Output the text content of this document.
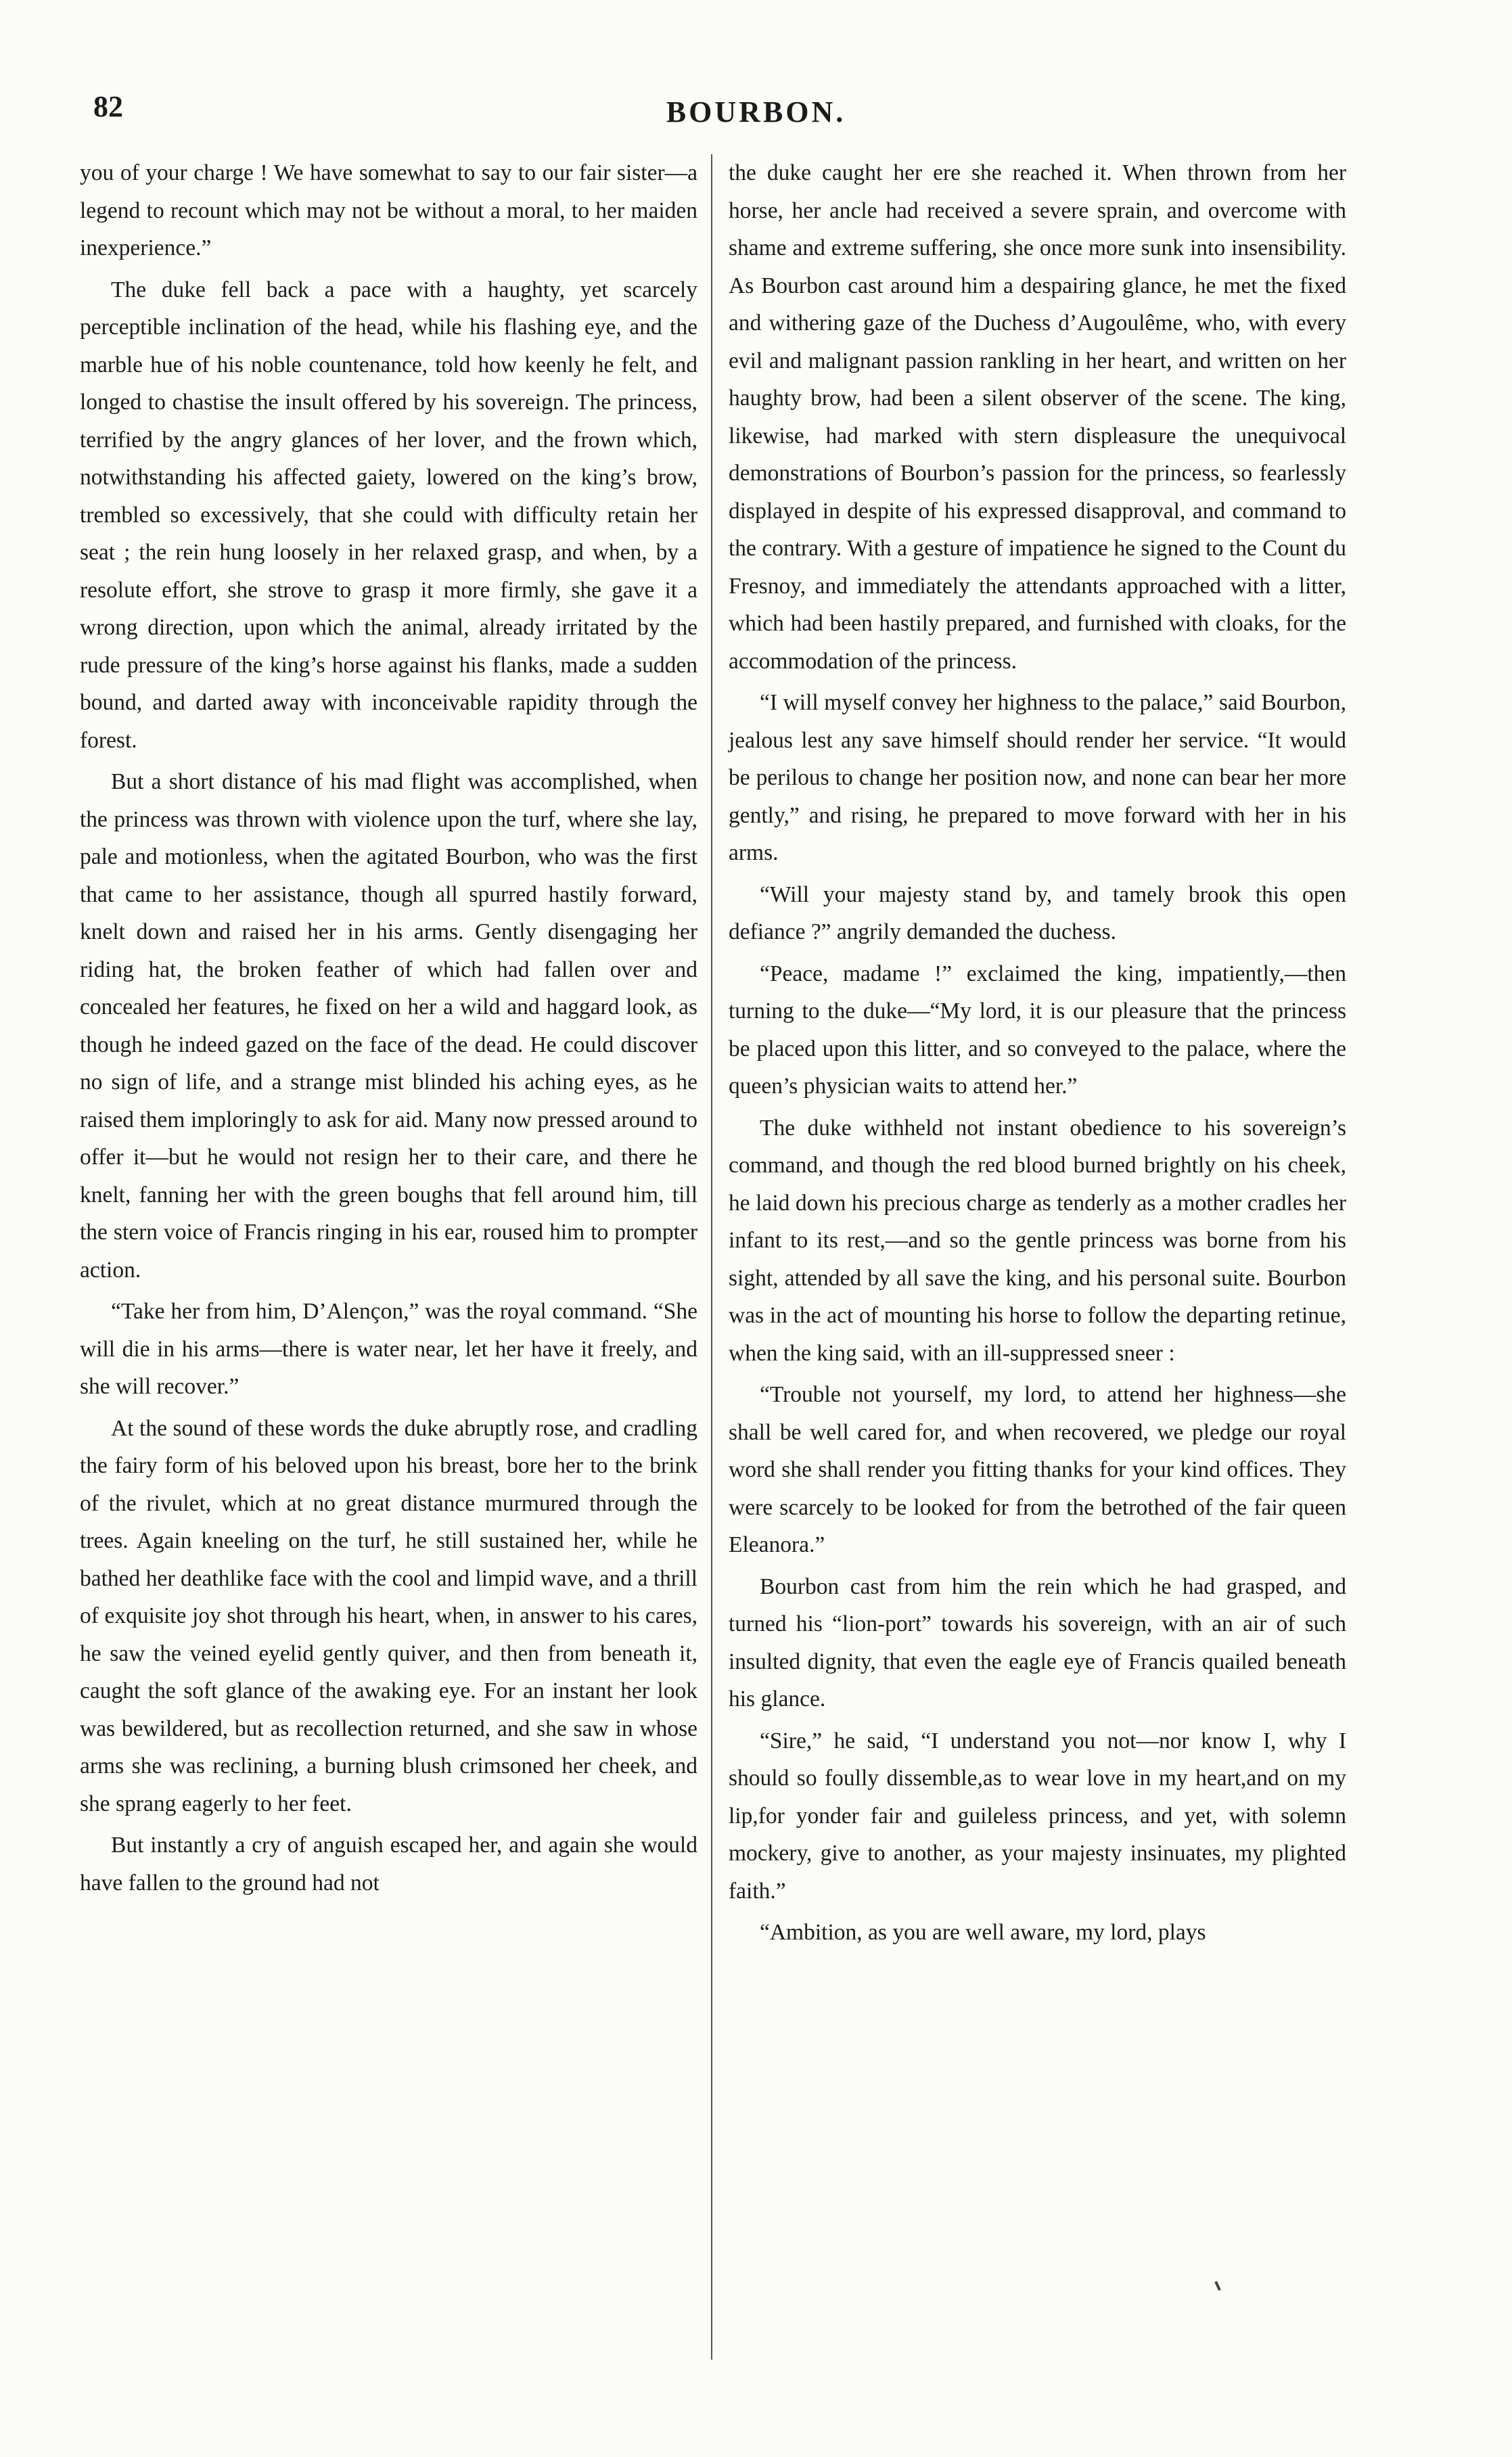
82	BOURBON.

you of your charge ! We have somewhat to say to our fair sister—a legend to recount which may not be without a moral, to her maiden inexperience.”

The duke fell back a pace with a haughty, yet scarcely perceptible inclination of the head, while his flashing eye, and the marble hue of his noble countenance, told how keenly he felt, and longed to chastise the insult offered by his sovereign. The princess, terrified by the angry glances of her lover, and the frown which, notwithstanding his affected gaiety, lowered on the king’s brow, trembled so excessively, that she could with difficulty retain her seat ; the rein hung loosely in her relaxed grasp, and when, by a resolute effort, she strove to grasp it more firmly, she gave it a wrong direction, upon which the animal, already irritated by the rude pressure of the king’s horse against his flanks, made a sudden bound, and darted away with inconceivable rapidity through the forest.

But a short distance of his mad flight was accomplished, when the princess was thrown with violence upon the turf, where she lay, pale and motionless, when the agitated Bourbon, who was the first that came to her assistance, though all spurred hastily forward, knelt down and raised her in his arms. Gently disengaging her riding hat, the broken feather of which had fallen over and concealed her features, he fixed on her a wild and haggard look, as though he indeed gazed on the face of the dead. He could discover no sign of life, and a strange mist blinded his aching eyes, as he raised them imploringly to ask for aid. Many now pressed around to offer it—but he would not resign her to their care, and there he knelt, fanning her with the green boughs that fell around him, till the stern voice of Francis ringing in his ear, roused him to prompter action.

“Take her from him, D’Alençon,” was the royal command. “She will die in his arms—there is water near, let her have it freely, and she will recover.”

At the sound of these words the duke abruptly rose, and cradling the fairy form of his beloved upon his breast, bore her to the brink of the rivulet, which at no great distance murmured through the trees. Again kneeling on the turf, he still sustained her, while he bathed her deathlike face with the cool and limpid wave, and a thrill of exquisite joy shot through his heart, when, in answer to his cares, he saw the veined eyelid gently quiver, and then from beneath it, caught the soft glance of the awaking eye. For an instant her look was bewildered, but as recollection returned, and she saw in whose arms she was reclining, a burning blush crimsoned her cheek, and she sprang eagerly to her feet.

But instantly a cry of anguish escaped her, and again she would have fallen to the ground had not

the duke caught her ere she reached it. When thrown from her horse, her ancle had received a severe sprain, and overcome with shame and extreme suffering, she once more sunk into insensibility. As Bourbon cast around him a despairing glance, he met the fixed and withering gaze of the Duchess d’Augoulême, who, with every evil and malignant passion rankling in her heart, and written on her haughty brow, had been a silent observer of the scene. The king, likewise, had marked with stern displeasure the unequivocal demonstrations of Bourbon’s passion for the princess, so fearlessly displayed in despite of his expressed disapproval, and command to the contrary. With a gesture of impatience he signed to the Count du Fresnoy, and immediately the attendants approached with a litter, which had been hastily prepared, and furnished with cloaks, for the accommodation of the princess.

“I will myself convey her highness to the palace,” said Bourbon, jealous lest any save himself should render her service. “It would be perilous to change her position now, and none can bear her more gently,” and rising, he prepared to move forward with her in his arms.

“Will your majesty stand by, and tamely brook this open defiance ?” angrily demanded the duchess.

“Peace, madame !” exclaimed the king, impatiently,—then turning to the duke—“My lord, it is our pleasure that the princess be placed upon this litter, and so conveyed to the palace, where the queen’s physician waits to attend her.”

The duke withheld not instant obedience to his sovereign’s command, and though the red blood burned brightly on his cheek, he laid down his precious charge as tenderly as a mother cradles her infant to its rest,—and so the gentle princess was borne from his sight, attended by all save the king, and his personal suite. Bourbon was in the act of mounting his horse to follow the departing retinue, when the king said, with an ill-suppressed sneer :

“Trouble not yourself, my lord, to attend her highness—she shall be well cared for, and when recovered, we pledge our royal word she shall render you fitting thanks for your kind offices. They were scarcely to be looked for from the betrothed of the fair queen Eleanora.”

Bourbon cast from him the rein which he had grasped, and turned his “lion-port” towards his sovereign, with an air of such insulted dignity, that even the eagle eye of Francis quailed beneath his glance.

“Sire,” he said, “I understand you not—nor know I, why I should so foully dissemble,as to wear love in my heart,and on my lip,for yonder fair and guileless princess, and yet, with solemn mockery, give to another, as your majesty insinuates, my plighted faith.”

“Ambition, as you are well aware, my lord, plays
